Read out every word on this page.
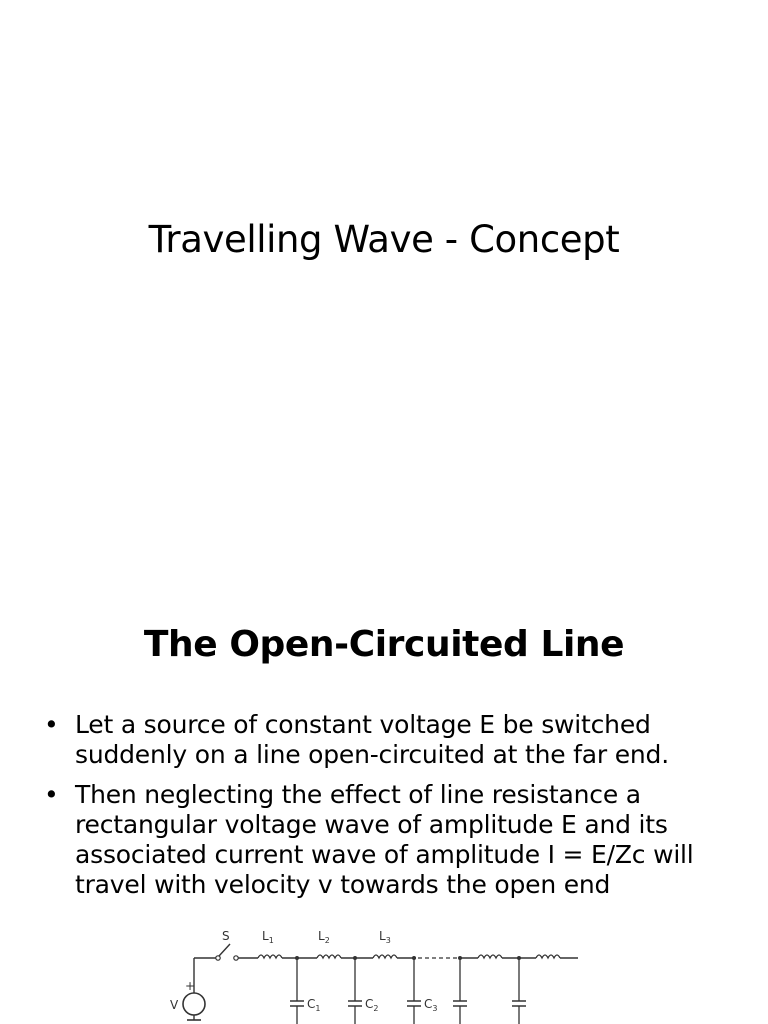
Travelling Wave - Concept
The Open-Circuited Line
• Let a source of constant voltage E be switched suddenly on a line open-circuited at the far end.
• Then neglecting the effect of line resistance a rectangular voltage wave of amplitude E and its associated current wave of amplitude I = E/Zc will travel with velocity v towards the open end
+
V
S	$L_1$	$L_2$	$L_3$
$C_1$	$C_2$	$C_3$
